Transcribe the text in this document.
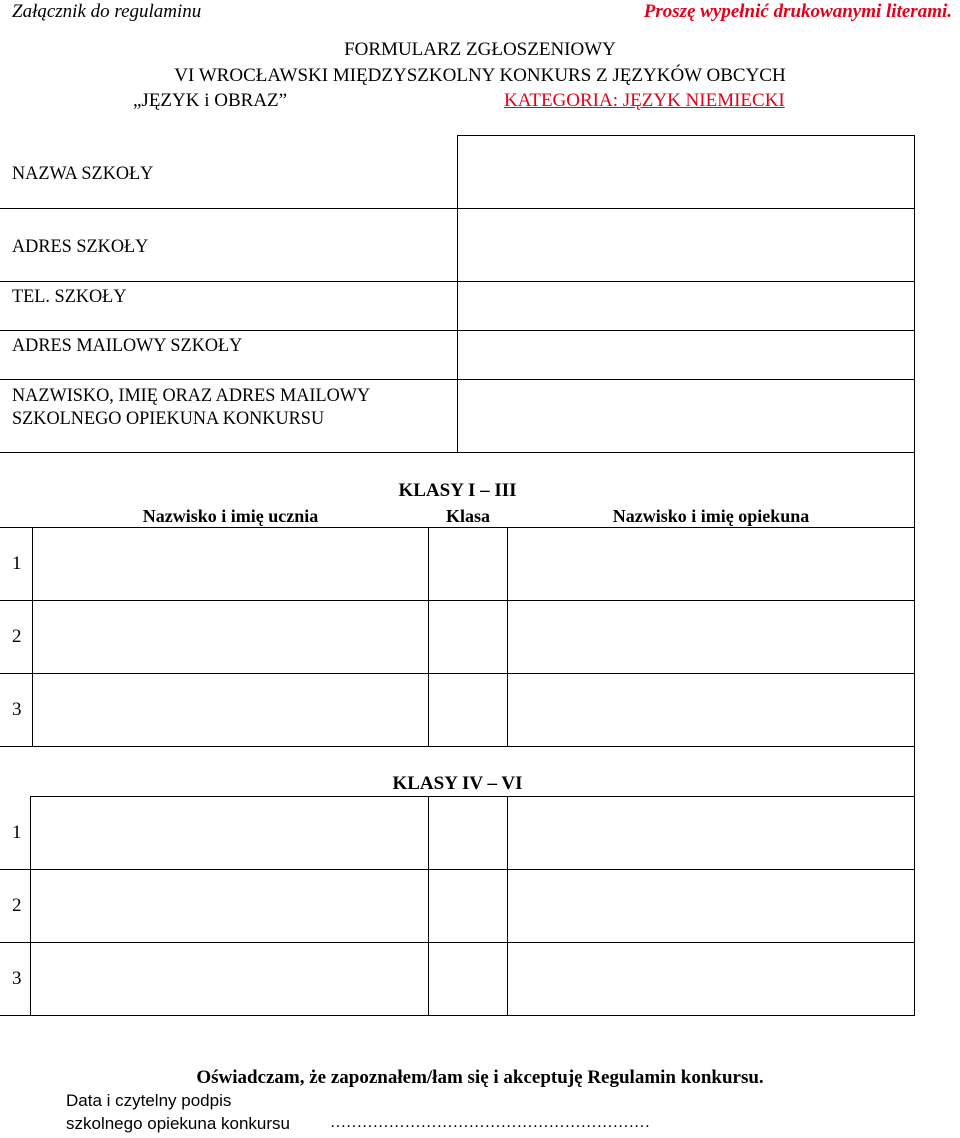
Załącznik do regulaminu	Proszę wypełnić drukowanymi literami.
FORMULARZ ZGŁOSZENIOWY
VI WROCŁAWSKI MIĘDZYSZKOLNY KONKURS Z JĘZYKÓW OBCYCH
„JĘZYK i OBRAZ”	KATEGORIA: JĘZYK NIEMIECKI
NAZWA SZKOŁY
ADRES SZKOŁY
TEL. SZKOŁY
ADRES MAILOWY SZKOŁY
NAZWISKO, IMIĘ ORAZ ADRES MAILOWY
SZKOLNEGO OPIEKUNA KONKURSU
KLASY I – III
Nazwisko i imię ucznia	Klasa	Nazwisko i imię opiekuna
1
2
3
KLASY IV – VI
1
2
3
Oświadczam, że zapoznałem/łam się i akceptuję Regulamin konkursu.
Data i czytelny podpis
szkolnego opiekuna konkursu	……………………………………………………
